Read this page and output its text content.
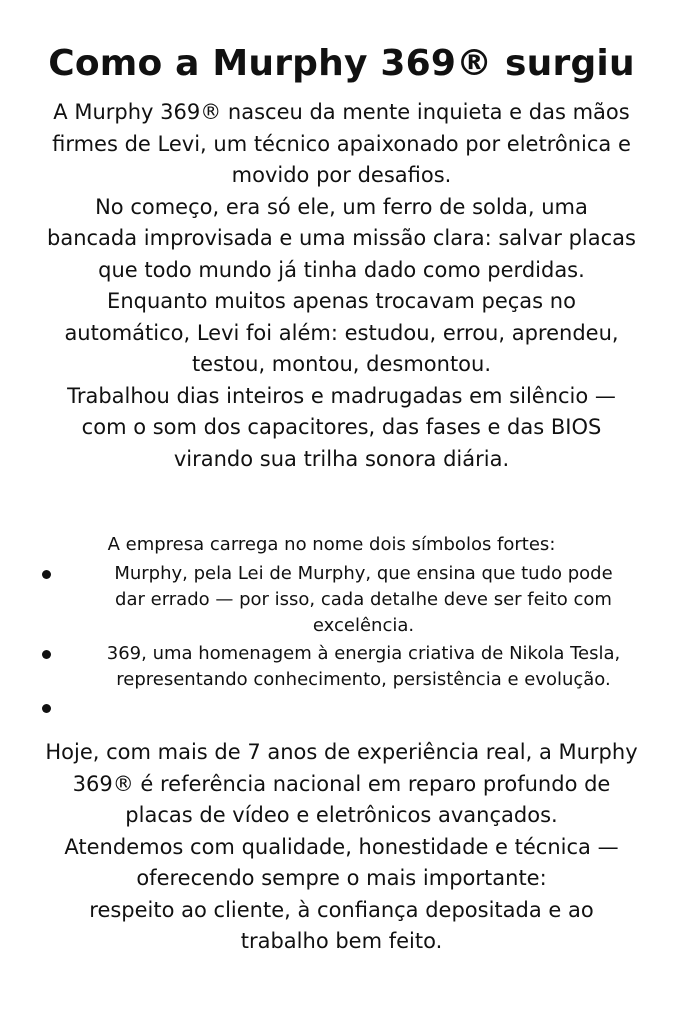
Como a Murphy 369® surgiu
A Murphy 369® nasceu da mente inquieta e das mãos
firmes de Levi, um técnico apaixonado por eletrônica e
movido por desafios.
No começo, era só ele, um ferro de solda, uma
bancada improvisada e uma missão clara: salvar placas
que todo mundo já tinha dado como perdidas.
Enquanto muitos apenas trocavam peças no
automático, Levi foi além: estudou, errou, aprendeu,
testou, montou, desmontou.
Trabalhou dias inteiros e madrugadas em silêncio —
com o som dos capacitores, das fases e das BIOS
virando sua trilha sonora diária.

A empresa carrega no nome dois símbolos fortes:

Murphy, pela Lei de Murphy, que ensina que tudo pode
dar errado — por isso, cada detalhe deve ser feito com
excelência.
369, uma homenagem à energia criativa de Nikola Tesla,
representando conhecimento, persistência e evolução.
Hoje, com mais de 7 anos de experiência real, a Murphy
369® é referência nacional em reparo profundo de
placas de vídeo e eletrônicos avançados.
Atendemos com qualidade, honestidade e técnica —
oferecendo sempre o mais importante:
respeito ao cliente, à confiança depositada e ao
trabalho bem feito.
